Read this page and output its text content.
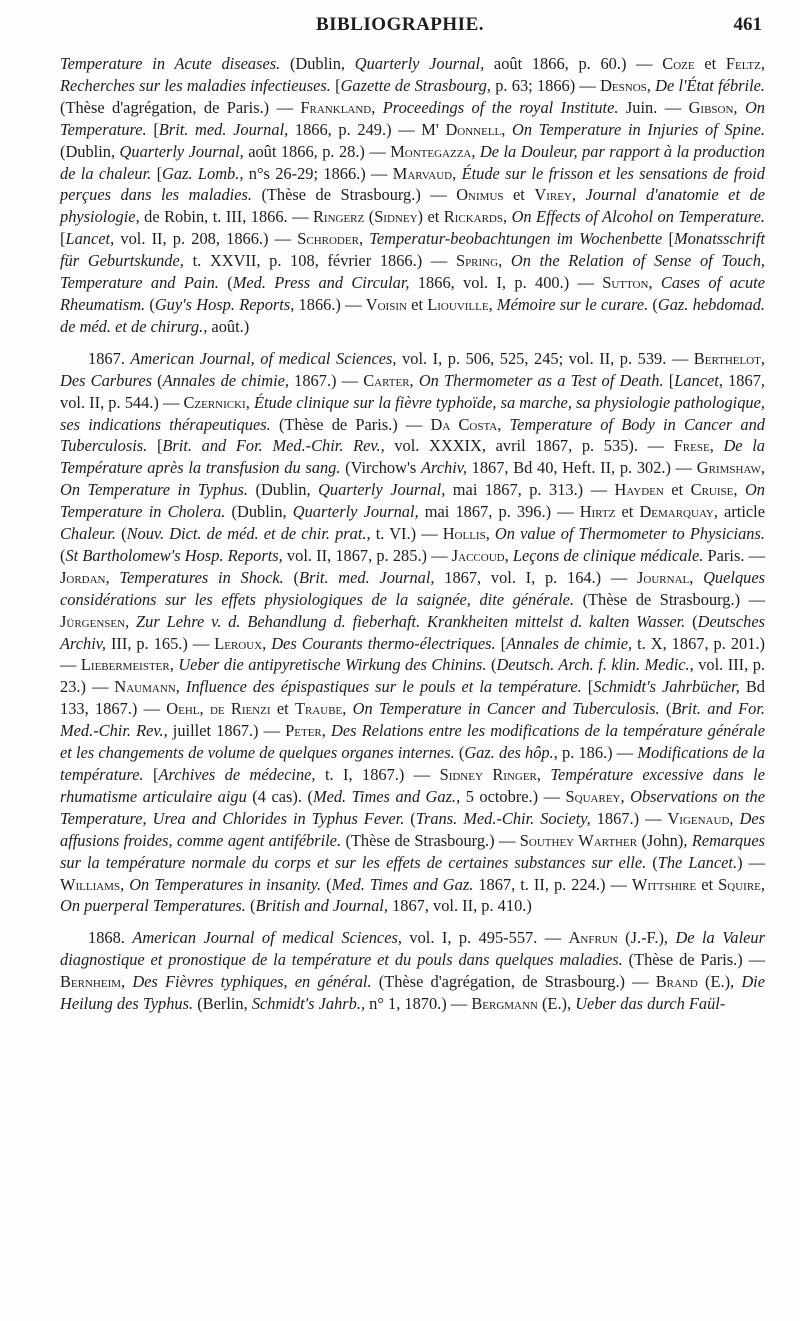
BIBLIOGRAPHIE.	461

Temperature in Acute diseases. (Dublin, Quarterly Journal, août 1866, p. 60.) — Coze et Feltz, Recherches sur les maladies infectieuses. [Gazette de Strasbourg, p. 63; 1866) — Desnos, De l'État fébrile. (Thèse d'agrégation, de Paris.) — Frankland, Proceedings of the royal Institute. Juin. — Gibson, On Temperature. [Brit. med. Journal, 1866, p. 249.) — M' Donnell, On Temperature in Injuries of Spine. (Dublin, Quarterly Journal, août 1866, p. 28.) — Montegazza, De la Douleur, par rapport à la production de la chaleur. [Gaz. Lomb., n°s 26-29; 1866.) — Marvaud, Étude sur le frisson et les sensations de froid perçues dans les maladies. (Thèse de Strasbourg.) — Onimus et Virey, Journal d'anatomie et de physiologie, de Robin, t. III, 1866. — Ringerz (Sidney) et Rickards, On Effects of Alcohol on Temperature. [Lancet, vol. II, p. 208, 1866.) — Schroder, Temperatur-beobachtungen im Wochenbette [Monatsschrift für Geburtskunde, t. XXVII, p. 108, février 1866.) — Spring, On the Relation of Sense of Touch, Temperature and Pain. (Med. Press and Circular, 1866, vol. I, p. 400.) — Sutton, Cases of acute Rheumatism. (Guy's Hosp. Reports, 1866.) — Voisin et Liouville, Mémoire sur le curare. (Gaz. hebdomad. de méd. et de chirurg., août.)

1867. American Journal, of medical Sciences, vol. I, p. 506, 525, 245; vol. II, p. 539. — Berthelot, Des Carbures (Annales de chimie, 1867.) — Carter, On Thermometer as a Test of Death. [Lancet, 1867, vol. II, p. 544.) — Czernicki, Étude clinique sur la fièvre typhoïde, sa marche, sa physiologie pathologique, ses indications thérapeutiques. (Thèse de Paris.) — Da Costa, Temperature of Body in Cancer and Tuberculosis. [Brit. and For. Med.-Chir. Rev., vol. XXXIX, avril 1867, p. 535). — Frese, De la Température après la transfusion du sang. (Virchow's Archiv, 1867, Bd 40, Heft. II, p. 302.) — Grimshaw, On Temperature in Typhus. (Dublin, Quarterly Journal, mai 1867, p. 313.) — Hayden et Cruise, On Temperature in Cholera. (Dublin, Quarterly Journal, mai 1867, p. 396.) — Hirtz et Demarquay, article Chaleur. (Nouv. Dict. de méd. et de chir. prat., t. VI.) — Hollis, On value of Thermometer to Physicians. (St Bartholomew's Hosp. Reports, vol. II, 1867, p. 285.) — Jaccoud, Leçons de clinique médicale. Paris. — Jordan, Temperatures in Shock. (Brit. med. Journal, 1867, vol. I, p. 164.) — Journal, Quelques considérations sur les effets physiologiques de la saignée, dite générale. (Thèse de Strasbourg.) — Jürgensen, Zur Lehre v. d. Behandlung d. fieberhaft. Krankheiten mittelst d. kalten Wasser. (Deutsches Archiv, III, p. 165.) — Leroux, Des Courants thermo-électriques. [Annales de chimie, t. X, 1867, p. 201.) — Liebermeister, Ueber die antipyretische Wirkung des Chinins. (Deutsch. Arch. f. klin. Medic., vol. III, p. 23.) — Naumann, Influence des épispastiques sur le pouls et la température. [Schmidt's Jahrbücher, Bd 133, 1867.) — Oehl, de Rienzi et Traube, On Temperature in Cancer and Tuberculosis. (Brit. and For. Med.-Chir. Rev., juillet 1867.) — Peter, Des Relations entre les modifications de la température générale et les changements de volume de quelques organes internes. (Gaz. des hôp., p. 186.) — Modifications de la température. [Archives de médecine, t. I, 1867.) — Sidney Ringer, Température excessive dans le rhumatisme articulaire aigu (4 cas). (Med. Times and Gaz., 5 octobre.) — Squarey, Observations on the Temperature, Urea and Chlorides in Typhus Fever. (Trans. Med.-Chir. Society, 1867.) — Vigenaud, Des affusions froides, comme agent antifébrile. (Thèse de Strasbourg.) — Southey Warther (John), Remarques sur la température normale du corps et sur les effets de certaines substances sur elle. (The Lancet.) — Williams, On Temperatures in insanity. (Med. Times and Gaz. 1867, t. II, p. 224.) — Wittshire et Squire, On puerperal Temperatures. (British and Journal, 1867, vol. II, p. 410.)

1868. American Journal of medical Sciences, vol. I, p. 495-557. — Anfrun (J.-F.), De la Valeur diagnostique et pronostique de la température et du pouls dans quelques maladies. (Thèse de Paris.) — Bernheim, Des Fièvres typhiques, en général. (Thèse d'agrégation, de Strasbourg.) — Brand (E.), Die Heilung des Typhus. (Berlin, Schmidt's Jahrb., n° 1, 1870.) — Bergmann (E.), Ueber das durch Faül-
